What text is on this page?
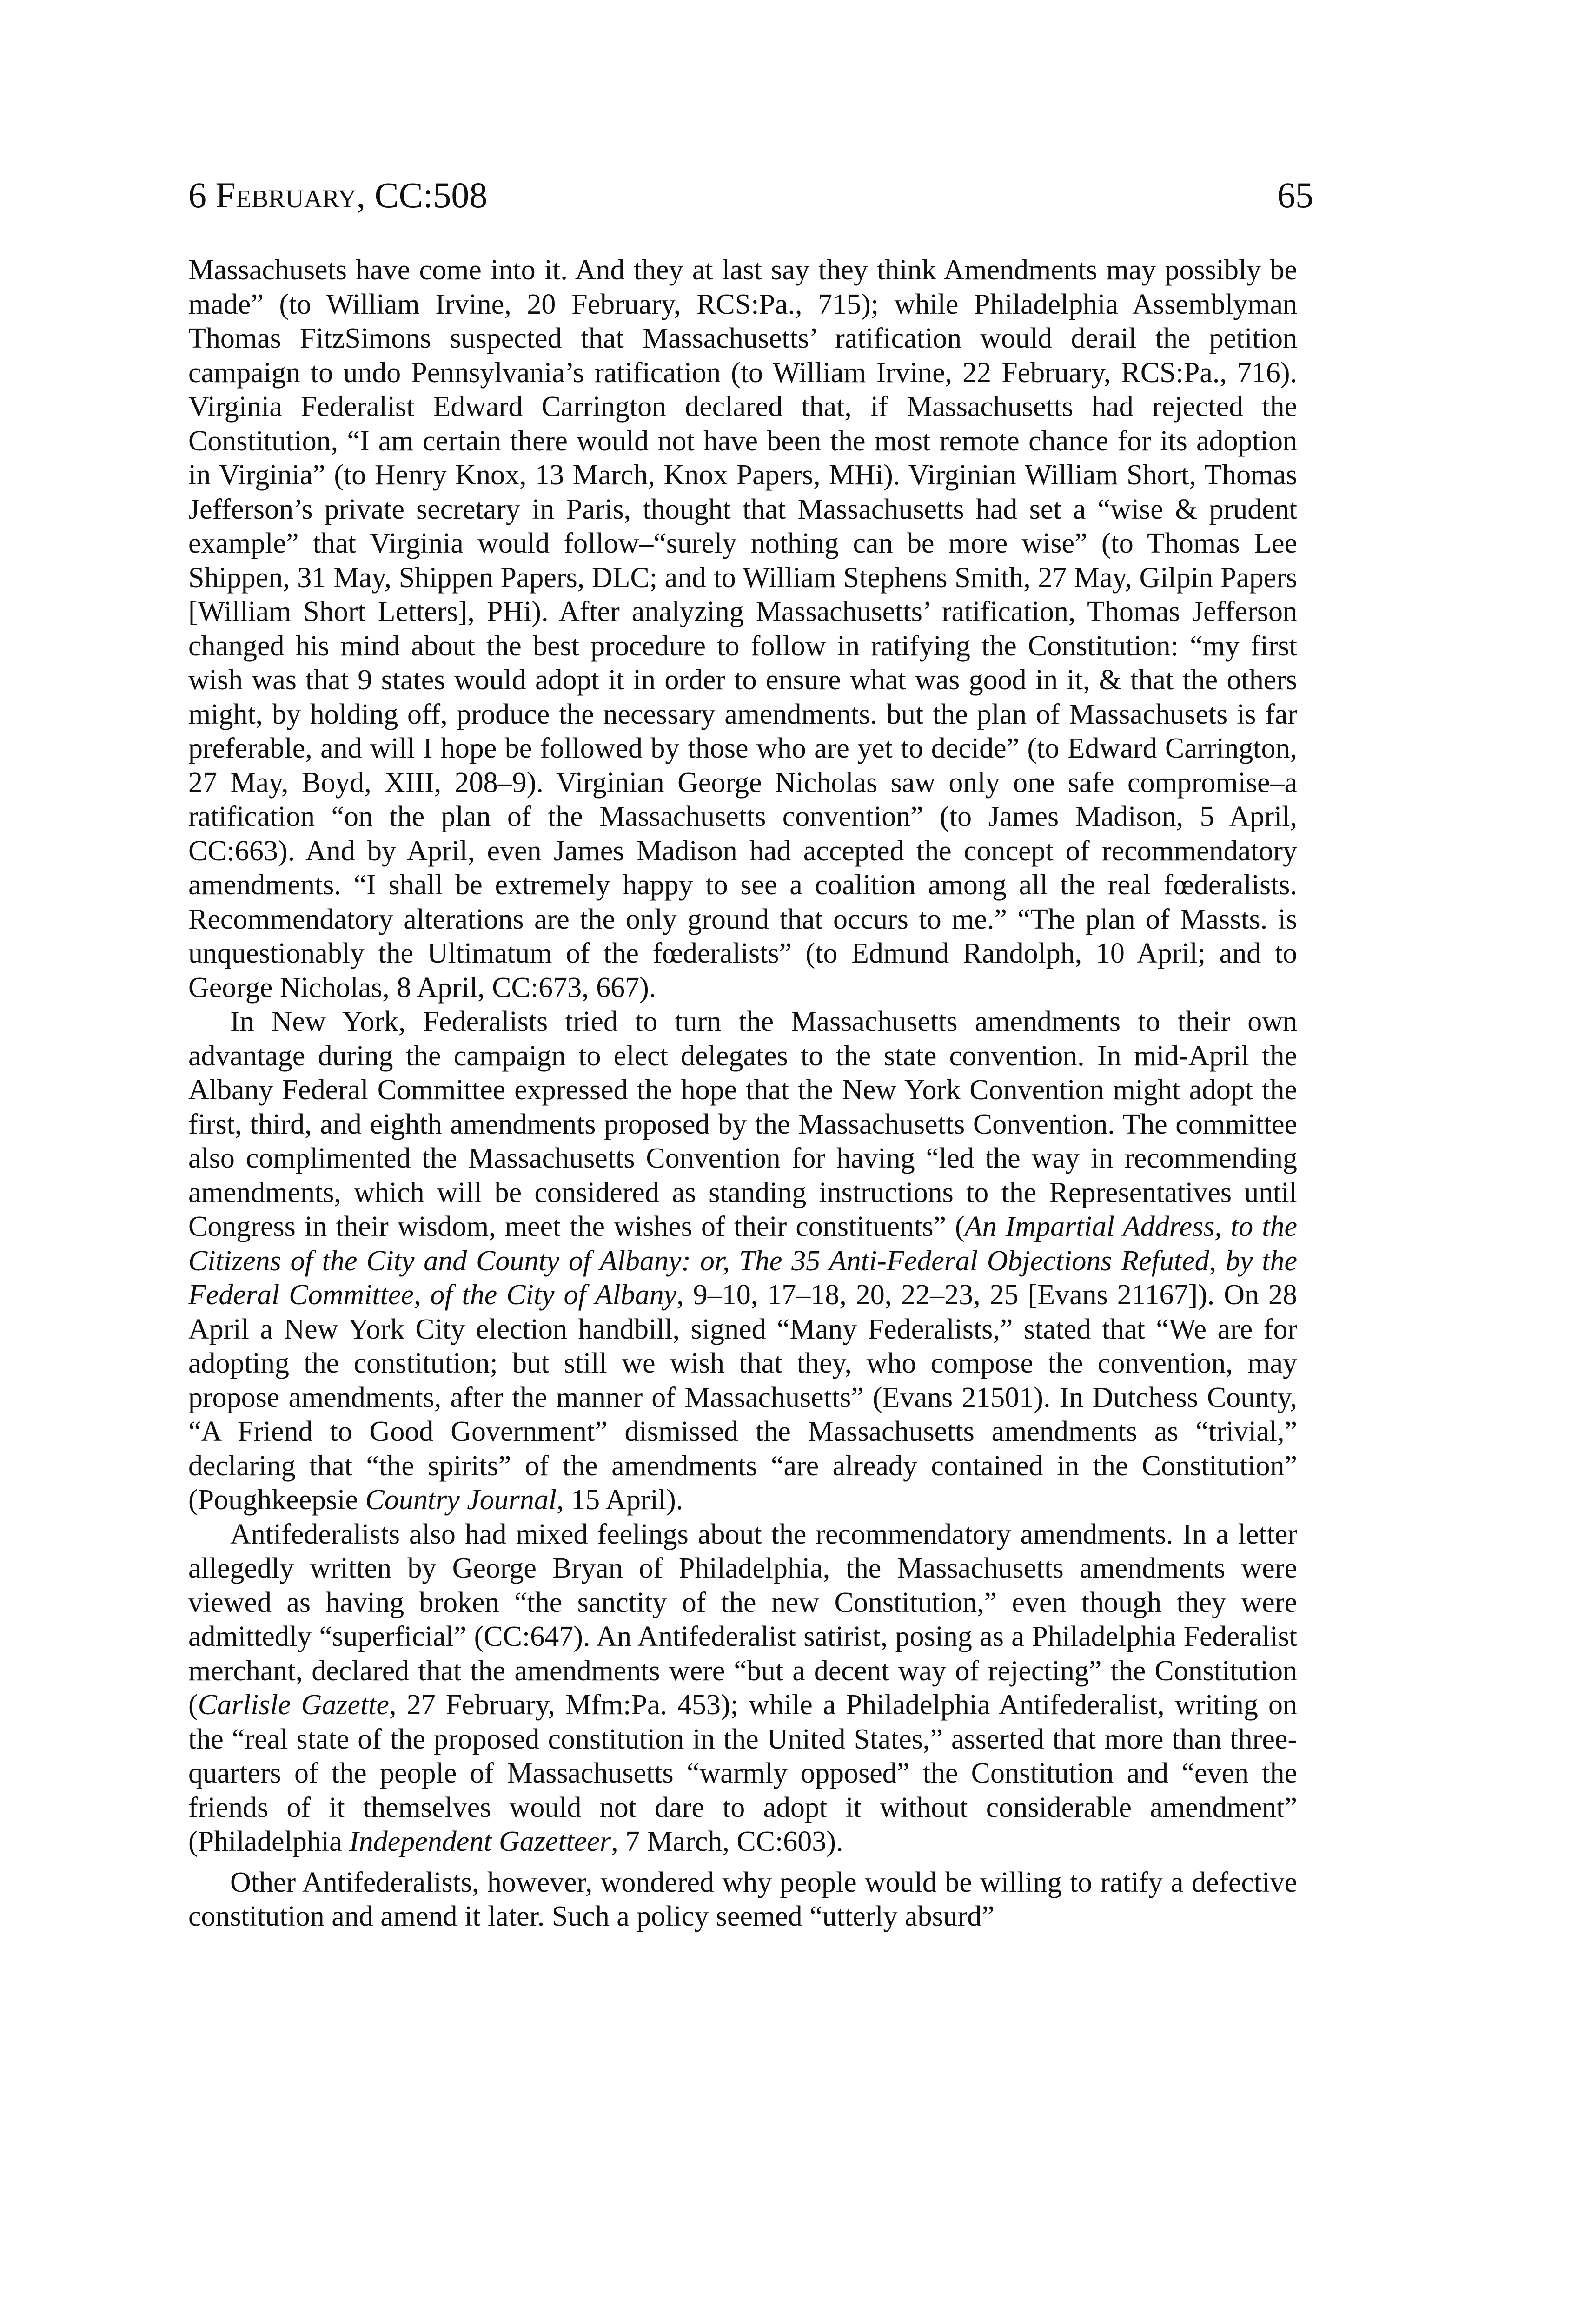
6 February, CC:508	65

Massachusets have come into it. And they at last say they think Amendments may possibly be made” (to William Irvine, 20 February, RCS:Pa., 715); while Philadelphia Assemblyman Thomas FitzSimons suspected that Massachusetts’ ratification would derail the petition campaign to undo Pennsylvania’s ratification (to William Irvine, 22 February, RCS:Pa., 716). Virginia Federalist Edward Carrington declared that, if Massachusetts had rejected the Constitution, “I am certain there would not have been the most remote chance for its adoption in Virginia” (to Henry Knox, 13 March, Knox Papers, MHi). Virginian William Short, Thomas Jefferson’s private secretary in Paris, thought that Massachusetts had set a “wise & prudent example” that Virginia would follow–“surely nothing can be more wise” (to Thomas Lee Shippen, 31 May, Shippen Papers, DLC; and to William Stephens Smith, 27 May, Gilpin Papers [William Short Letters], PHi). After analyzing Massachusetts’ ratification, Thomas Jefferson changed his mind about the best procedure to follow in ratifying the Constitution: “my first wish was that 9 states would adopt it in order to ensure what was good in it, & that the others might, by holding off, produce the necessary amendments. but the plan of Massachusets is far preferable, and will I hope be followed by those who are yet to decide” (to Edward Carrington, 27 May, Boyd, XIII, 208–9). Virginian George Nicholas saw only one safe compromise–a ratification “on the plan of the Massachusetts convention” (to James Madison, 5 April, CC:663). And by April, even James Madison had accepted the concept of recommendatory amendments. “I shall be extremely happy to see a coalition among all the real fœderalists. Recommendatory alterations are the only ground that occurs to me.” “The plan of Massts. is unquestionably the Ultimatum of the fœderalists” (to Edmund Randolph, 10 April; and to George Nicholas, 8 April, CC:673, 667).

In New York, Federalists tried to turn the Massachusetts amendments to their own advantage during the campaign to elect delegates to the state convention. In mid-April the Albany Federal Committee expressed the hope that the New York Convention might adopt the first, third, and eighth amendments proposed by the Massachusetts Convention. The committee also complimented the Massachusetts Convention for having “led the way in recommending amendments, which will be considered as standing instructions to the Representatives until Congress in their wisdom, meet the wishes of their constituents” (An Impartial Address, to the Citizens of the City and County of Albany: or, The 35 Anti-Federal Objections Refuted, by the Federal Committee, of the City of Albany, 9–10, 17–18, 20, 22–23, 25 [Evans 21167]). On 28 April a New York City election handbill, signed “Many Federalists,” stated that “We are for adopting the constitution; but still we wish that they, who compose the convention, may propose amendments, after the manner of Massachusetts” (Evans 21501). In Dutchess County, “A Friend to Good Government” dismissed the Massachusetts amendments as “trivial,” declaring that “the spirits” of the amendments “are already contained in the Constitution” (Poughkeepsie Country Journal, 15 April).

Antifederalists also had mixed feelings about the recommendatory amendments. In a letter allegedly written by George Bryan of Philadelphia, the Massachusetts amendments were viewed as having broken “the sanctity of the new Constitution,” even though they were admittedly “superficial” (CC:647). An Antifederalist satirist, posing as a Philadelphia Federalist merchant, declared that the amendments were “but a decent way of rejecting” the Constitution (Carlisle Gazette, 27 February, Mfm:Pa. 453); while a Philadelphia Antifederalist, writing on the “real state of the proposed constitution in the United States,” asserted that more than three-quarters of the people of Massachusetts “warmly opposed” the Constitution and “even the friends of it themselves would not dare to adopt it without considerable amendment” (Philadelphia Independent Gazetteer, 7 March, CC:603).

Other Antifederalists, however, wondered why people would be willing to ratify a defective constitution and amend it later. Such a policy seemed “utterly absurd”
